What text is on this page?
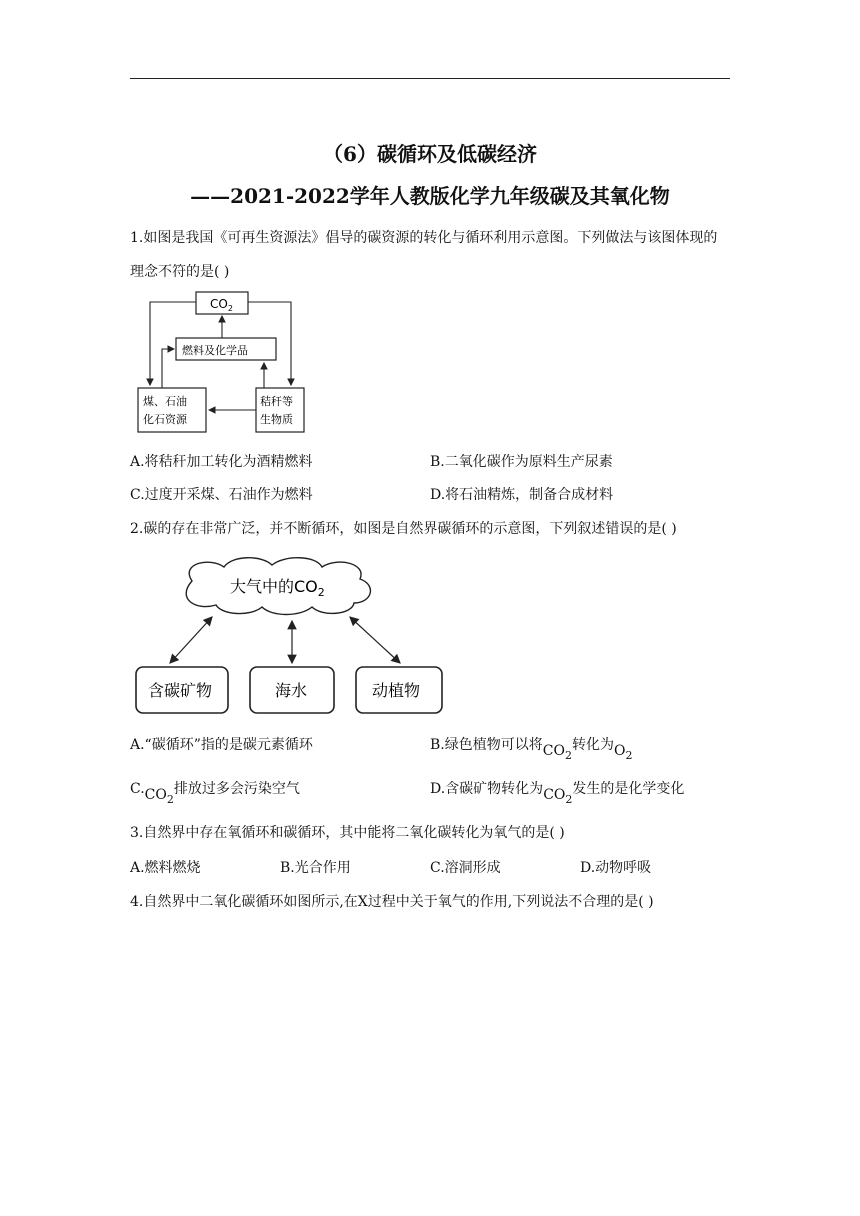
（6）碳循环及低碳经济
——2021-2022学年人教版化学九年级碳及其氧化物
1.如图是我国《可再生资源法》倡导的碳资源的转化与循环利用示意图。下列做法与该图体现的理念不符的是( )
$CO_2$
燃料及化学品
煤、石油
化石资源
秸秆等
生物质
A.将秸秆加工转化为酒精燃料	B.二氧化碳作为原料生产尿素
C.过度开采煤、石油作为燃料	D.将石油精炼，制备合成材料
2.碳的存在非常广泛，并不断循环，如图是自然界碳循环的示意图，下列叙述错误的是( )
大气中的$CO_2$
含碳矿物	海水	动植物
A.“碳循环”指的是碳元素循环	B.绿色植物可以将$CO_2$转化为$O_2$
$C.CO_2$排放过多会污染空气	D.含碳矿物转化为$CO_2$发生的是化学变化
3.自然界中存在氧循环和碳循环，其中能将二氧化碳转化为氧气的是( )
A.燃料燃烧	B.光合作用	C.溶洞形成	D.动物呼吸
4.自然界中二氧化碳循环如图所示,在X过程中关于氧气的作用,下列说法不合理的是( )
